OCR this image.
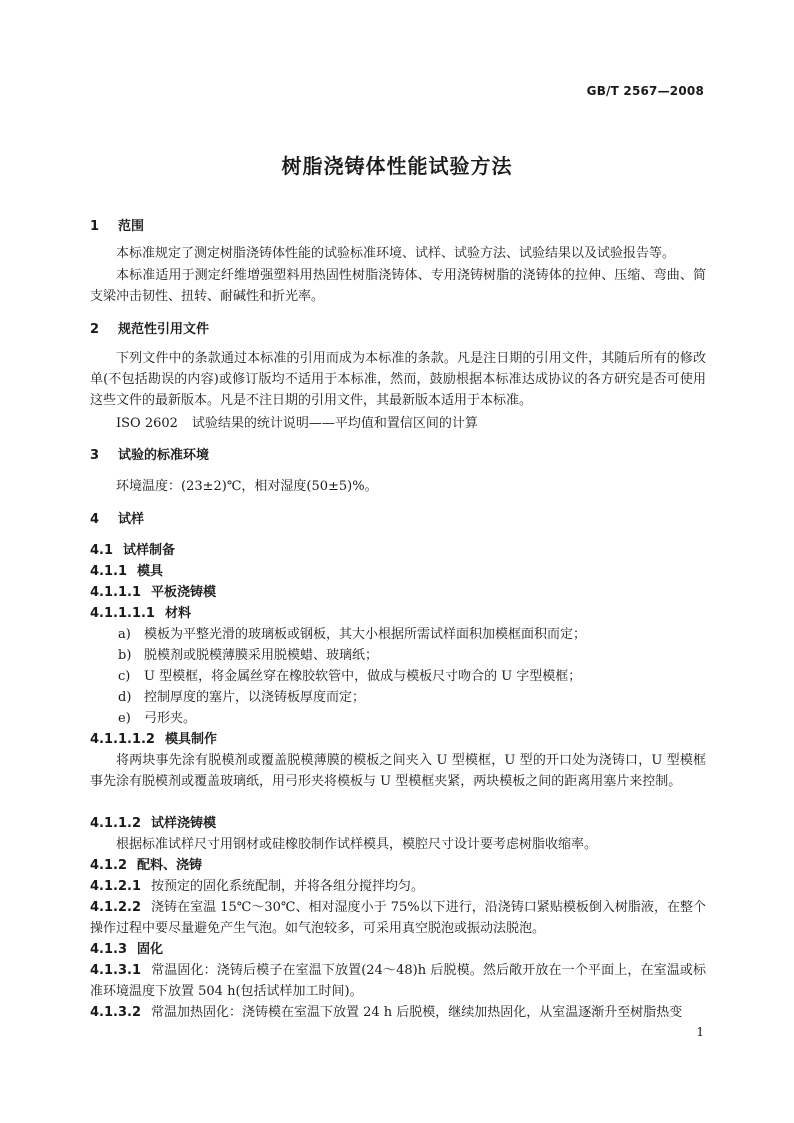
GB/T 2567—2008
树脂浇铸体性能试验方法
1 范围
本标准规定了测定树脂浇铸体性能的试验标准环境、试样、试验方法、试验结果以及试验报告等。
本标准适用于测定纤维增强塑料用热固性树脂浇铸体、专用浇铸树脂的浇铸体的拉伸、压缩、弯曲、简支梁冲击韧性、扭转、耐碱性和折光率。
2 规范性引用文件
下列文件中的条款通过本标准的引用而成为本标准的条款。凡是注日期的引用文件，其随后所有的修改单(不包括勘误的内容)或修订版均不适用于本标准，然而，鼓励根据本标准达成协议的各方研究是否可使用这些文件的最新版本。凡是不注日期的引用文件，其最新版本适用于本标准。
ISO 2602 试验结果的统计说明——平均值和置信区间的计算
3 试验的标准环境
环境温度：(23±2)℃，相对湿度(50±5)%。
4 试样
4.1 试样制备
4.1.1 模具
4.1.1.1 平板浇铸模
4.1.1.1.1 材料
a) 模板为平整光滑的玻璃板或钢板，其大小根据所需试样面积加模框面积而定；
b) 脱模剂或脱模薄膜采用脱模蜡、玻璃纸；
c) U 型模框，将金属丝穿在橡胶软管中，做成与模板尺寸吻合的 U 字型模框；
d) 控制厚度的塞片，以浇铸板厚度而定；
e) 弓形夹。
4.1.1.1.2 模具制作
将两块事先涂有脱模剂或覆盖脱模薄膜的模板之间夹入 U 型模框，U 型的开口处为浇铸口，U 型模框事先涂有脱模剂或覆盖玻璃纸，用弓形夹将模板与 U 型模框夹紧，两块模板之间的距离用塞片来控制。
4.1.1.2 试样浇铸模
根据标准试样尺寸用钢材或硅橡胶制作试样模具，模腔尺寸设计要考虑树脂收缩率。
4.1.2 配料、浇铸
4.1.2.1 按预定的固化系统配制，并将各组分搅拌均匀。
4.1.2.2 浇铸在室温 15℃～30℃、相对湿度小于 75%以下进行，沿浇铸口紧贴模板倒入树脂液，在整个操作过程中要尽量避免产生气泡。如气泡较多，可采用真空脱泡或振动法脱泡。
4.1.3 固化
4.1.3.1 常温固化：浇铸后模子在室温下放置(24～48)h 后脱模。然后敞开放在一个平面上，在室温或标准环境温度下放置 504 h(包括试样加工时间)。
4.1.3.2 常温加热固化：浇铸模在室温下放置 24 h 后脱模，继续加热固化，从室温逐渐升至树脂热变
1
